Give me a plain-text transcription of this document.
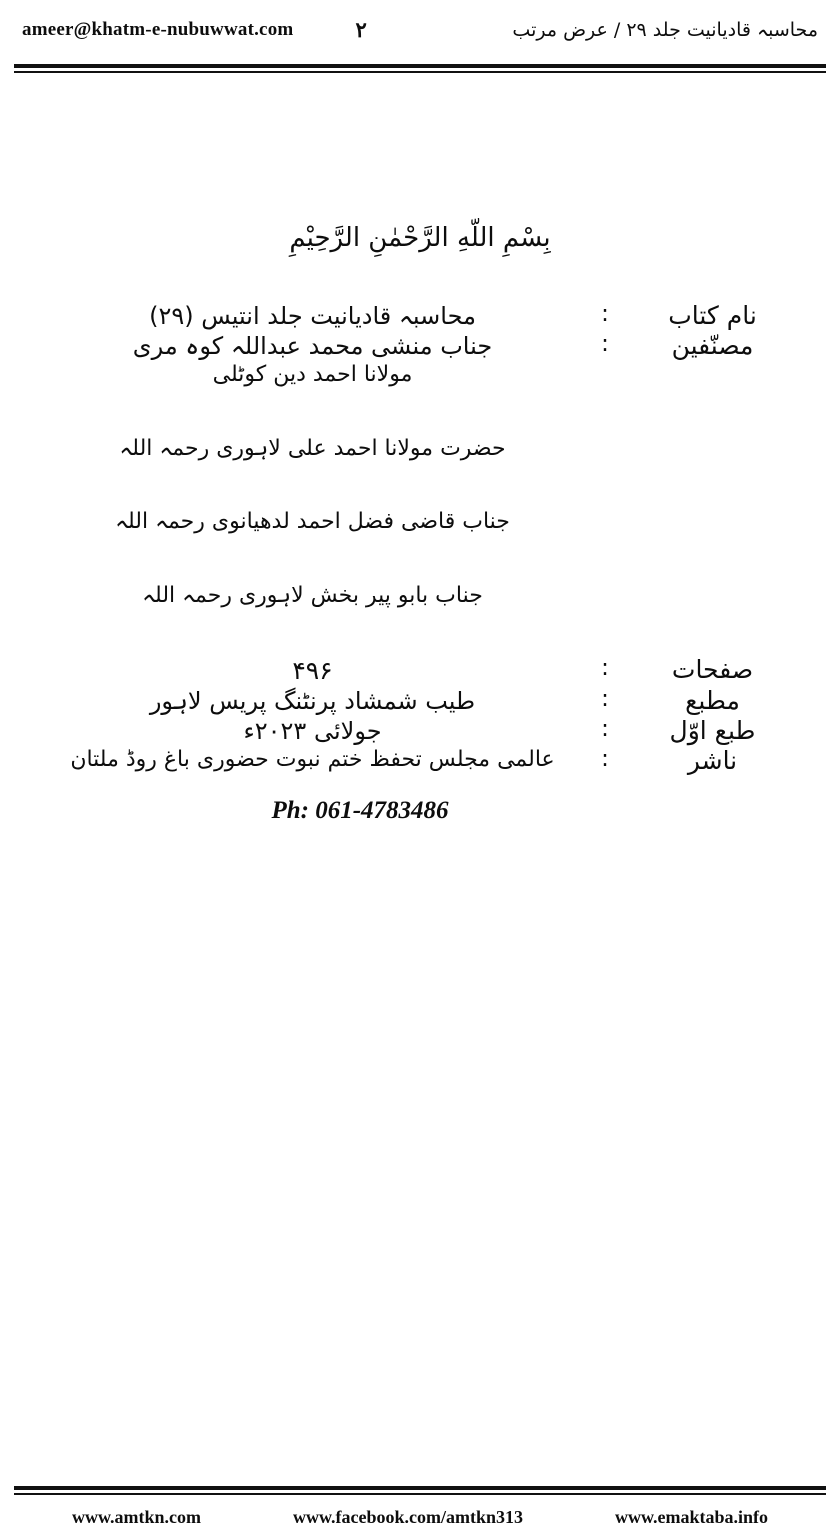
ameer@khatm-e-nubuwwat.com	۲	محاسبہ قادیانیت جلد ۲۹ / عرض مرتب
بِسْمِ اللّهِ الرَّحْمٰنِ الرَّحِیْمِ
نام کتاب	:	محاسبہ قادیانیت جلد انتیس (۲۹)
مصنّفین	:	جناب منشی محمد عبداللہ کوہ مری
		مولانا احمد دین کوٹلی
		حضرت مولانا احمد علی لاہوری رحمہ اللہ
		جناب قاضی فضل احمد لدھیانوی رحمہ اللہ
		جناب بابو پیر بخش لاہوری رحمہ اللہ
صفحات	:	۴۹۶
مطبع	:	طیب شمشاد پرنٹنگ پریس لاہور
طبع اوّل	:	جولائی ۲۰۲۳ء
ناشر	:	عالمی مجلس تحفظ ختم نبوت حضوری باغ روڈ ملتان
Ph: 061-4783486
www.amtkn.com	www.facebook.com/amtkn313	www.emaktaba.info
